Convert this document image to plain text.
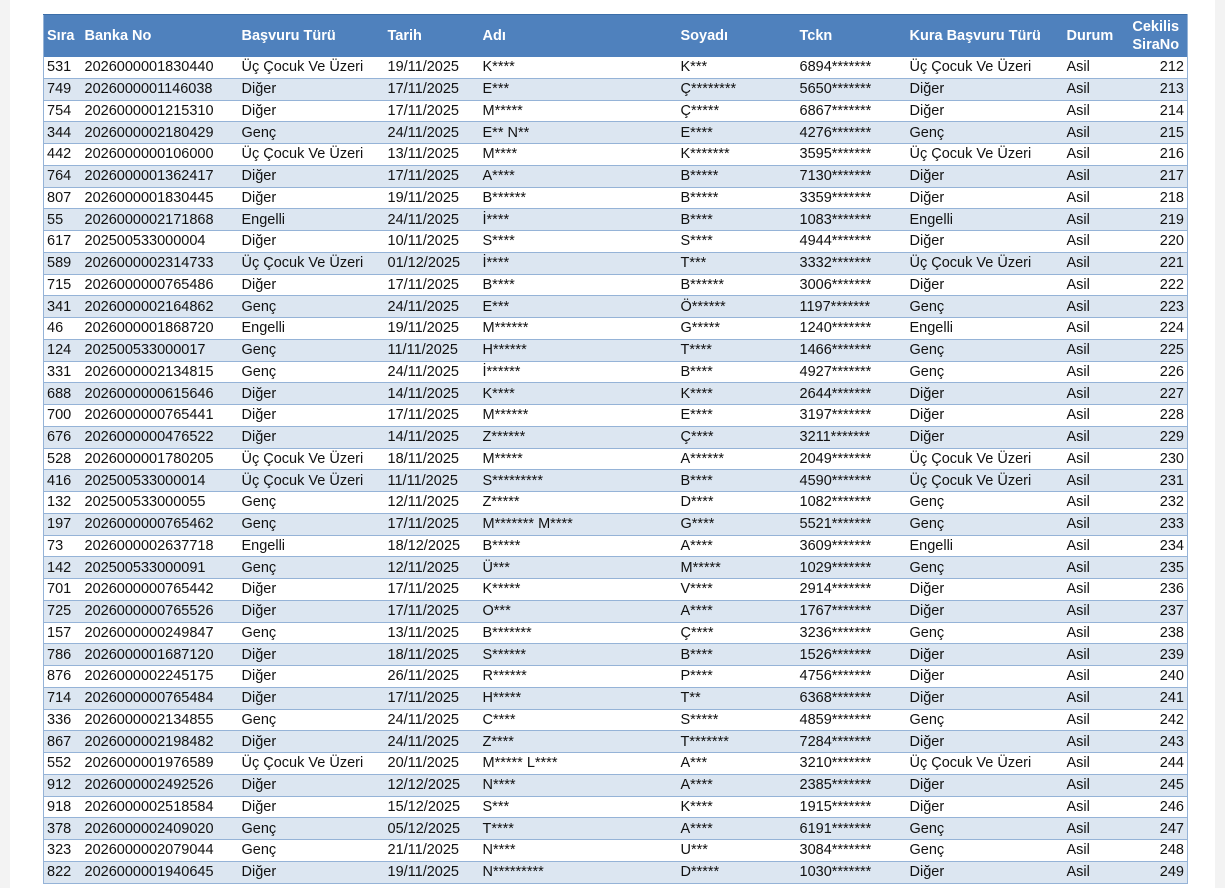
Sıra	Banka No	Başvuru Türü	Tarih	Adı	Soyadı	Tckn	Kura Başvuru Türü	Durum	Cekilis SiraNo
531	2026000001830440	Üç Çocuk Ve Üzeri	19/11/2025	K****	K***	6894*******	Üç Çocuk Ve Üzeri	Asil	212
749	2026000001146038	Diğer	17/11/2025	E***	Ç********	5650*******	Diğer	Asil	213
754	2026000001215310	Diğer	17/11/2025	M*****	Ç*****	6867*******	Diğer	Asil	214
344	2026000002180429	Genç	24/11/2025	E** N**	E****	4276*******	Genç	Asil	215
442	2026000000106000	Üç Çocuk Ve Üzeri	13/11/2025	M****	K*******	3595*******	Üç Çocuk Ve Üzeri	Asil	216
764	2026000001362417	Diğer	17/11/2025	A****	B*****	7130*******	Diğer	Asil	217
807	2026000001830445	Diğer	19/11/2025	B******	B*****	3359*******	Diğer	Asil	218
55	2026000002171868	Engelli	24/11/2025	İ****	B****	1083*******	Engelli	Asil	219
617	202500533000004	Diğer	10/11/2025	S****	S****	4944*******	Diğer	Asil	220
589	2026000002314733	Üç Çocuk Ve Üzeri	01/12/2025	İ****	T***	3332*******	Üç Çocuk Ve Üzeri	Asil	221
715	2026000000765486	Diğer	17/11/2025	B****	B******	3006*******	Diğer	Asil	222
341	2026000002164862	Genç	24/11/2025	E***	Ö******	1197*******	Genç	Asil	223
46	2026000001868720	Engelli	19/11/2025	M******	G*****	1240*******	Engelli	Asil	224
124	202500533000017	Genç	11/11/2025	H******	T****	1466*******	Genç	Asil	225
331	2026000002134815	Genç	24/11/2025	İ******	B****	4927*******	Genç	Asil	226
688	2026000000615646	Diğer	14/11/2025	K****	K****	2644*******	Diğer	Asil	227
700	2026000000765441	Diğer	17/11/2025	M******	E****	3197*******	Diğer	Asil	228
676	2026000000476522	Diğer	14/11/2025	Z******	Ç****	3211*******	Diğer	Asil	229
528	2026000001780205	Üç Çocuk Ve Üzeri	18/11/2025	M*****	A******	2049*******	Üç Çocuk Ve Üzeri	Asil	230
416	202500533000014	Üç Çocuk Ve Üzeri	11/11/2025	S*********	B****	4590*******	Üç Çocuk Ve Üzeri	Asil	231
132	202500533000055	Genç	12/11/2025	Z*****	D****	1082*******	Genç	Asil	232
197	2026000000765462	Genç	17/11/2025	M******* M****	G****	5521*******	Genç	Asil	233
73	2026000002637718	Engelli	18/12/2025	B*****	A****	3609*******	Engelli	Asil	234
142	202500533000091	Genç	12/11/2025	Ü***	M*****	1029*******	Genç	Asil	235
701	2026000000765442	Diğer	17/11/2025	K*****	V****	2914*******	Diğer	Asil	236
725	2026000000765526	Diğer	17/11/2025	O***	A****	1767*******	Diğer	Asil	237
157	2026000000249847	Genç	13/11/2025	B*******	Ç****	3236*******	Genç	Asil	238
786	2026000001687120	Diğer	18/11/2025	S******	B****	1526*******	Diğer	Asil	239
876	2026000002245175	Diğer	26/11/2025	R******	P****	4756*******	Diğer	Asil	240
714	2026000000765484	Diğer	17/11/2025	H*****	T**	6368*******	Diğer	Asil	241
336	2026000002134855	Genç	24/11/2025	C****	S*****	4859*******	Genç	Asil	242
867	2026000002198482	Diğer	24/11/2025	Z****	T*******	7284*******	Diğer	Asil	243
552	2026000001976589	Üç Çocuk Ve Üzeri	20/11/2025	M***** L****	A***	3210*******	Üç Çocuk Ve Üzeri	Asil	244
912	2026000002492526	Diğer	12/12/2025	N****	A****	2385*******	Diğer	Asil	245
918	2026000002518584	Diğer	15/12/2025	S***	K****	1915*******	Diğer	Asil	246
378	2026000002409020	Genç	05/12/2025	T****	A****	6191*******	Genç	Asil	247
323	2026000002079044	Genç	21/11/2025	N****	U***	3084*******	Genç	Asil	248
822	2026000001940645	Diğer	19/11/2025	N*********	D*****	1030*******	Diğer	Asil	249
